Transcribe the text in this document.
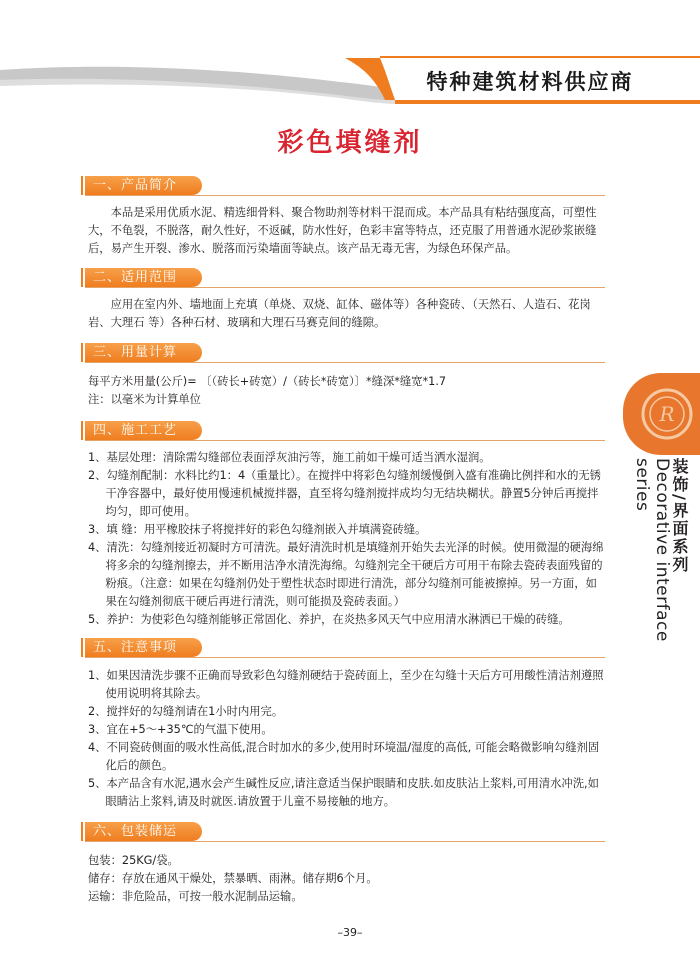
特种建筑材料供应商
彩色填缝剂
一、产品简介

本品是采用优质水泥、精选细骨料、聚合物助剂等材料干混而成。本产品具有粘结强度高，可塑性大，不龟裂，不脱落，耐久性好，不返碱，防水性好，色彩丰富等特点，还克服了用普通水泥砂浆嵌缝后，易产生开裂、渗水、脱落而污染墙面等缺点。该产品无毒无害，为绿色环保产品。

二、适用范围

应用在室内外、墙地面上充填（单烧、双烧、缸体、磁体等）各种瓷砖、（天然石、人造石、花岗岩、大理石 等）各种石材、玻璃和大理石马赛克间的缝隙。

三、用量计算

每平方米用量(公斤)= 〔（砖长+砖宽）/（砖长*砖宽）〕*缝深*缝宽*1.7

注：以毫米为计算单位

四、施工工艺

1、基层处理：清除需勾缝部位表面浮灰油污等，施工前如干燥可适当洒水湿润。

2、勾缝剂配制：水料比约1：4（重量比）。在搅拌中将彩色勾缝剂缓慢倒入盛有准确比例拌和水的无锈干净容器中，最好使用慢速机械搅拌器，直至将勾缝剂搅拌成均匀无结块糊状。静置5分钟后再搅拌均匀，即可使用。

3、填 缝：用平橡胶抹子将搅拌好的彩色勾缝剂嵌入并填满瓷砖缝。

4、清洗：勾缝剂接近初凝时方可清洗。最好清洗时机是填缝剂开始失去光泽的时候。使用微湿的硬海绵将多余的勾缝剂擦去，并不断用洁净水清洗海绵。勾缝剂完全干硬后方可用干布除去瓷砖表面残留的粉痕。（注意：如果在勾缝剂仍处于塑性状态时即进行清洗，部分勾缝剂可能被擦掉。另一方面，如果在勾缝剂彻底干硬后再进行清洗，则可能损及瓷砖表面。）

5、养护：为使彩色勾缝剂能够正常固化、养护，在炎热多风天气中应用清水淋洒已干燥的砖缝。

五、注意事项

1、如果因清洗步骤不正确而导致彩色勾缝剂硬结于瓷砖面上，至少在勾缝十天后方可用酸性清洁剂遵照使用说明将其除去。

2、搅拌好的勾缝剂请在1小时内用完。

3、宜在+5～+35℃的气温下使用。

4、不同瓷砖侧面的吸水性高低,混合时加水的多少,使用时环境温/湿度的高低, 可能会略微影响勾缝剂固化后的颜色。

5、本产品含有水泥,遇水会产生碱性反应,请注意适当保护眼睛和皮肤.如皮肤沾上浆料,可用清水冲洗,如眼睛沾上浆料,请及时就医.请放置于儿童不易接触的地方。

六、包装储运

包装：25KG/袋。

储存：存放在通风干燥处，禁暴晒、雨淋。储存期6个月。

运输：非危险品，可按一般水泥制品运输。

R
装饰/界面系列
Decorative interface series
–39–
